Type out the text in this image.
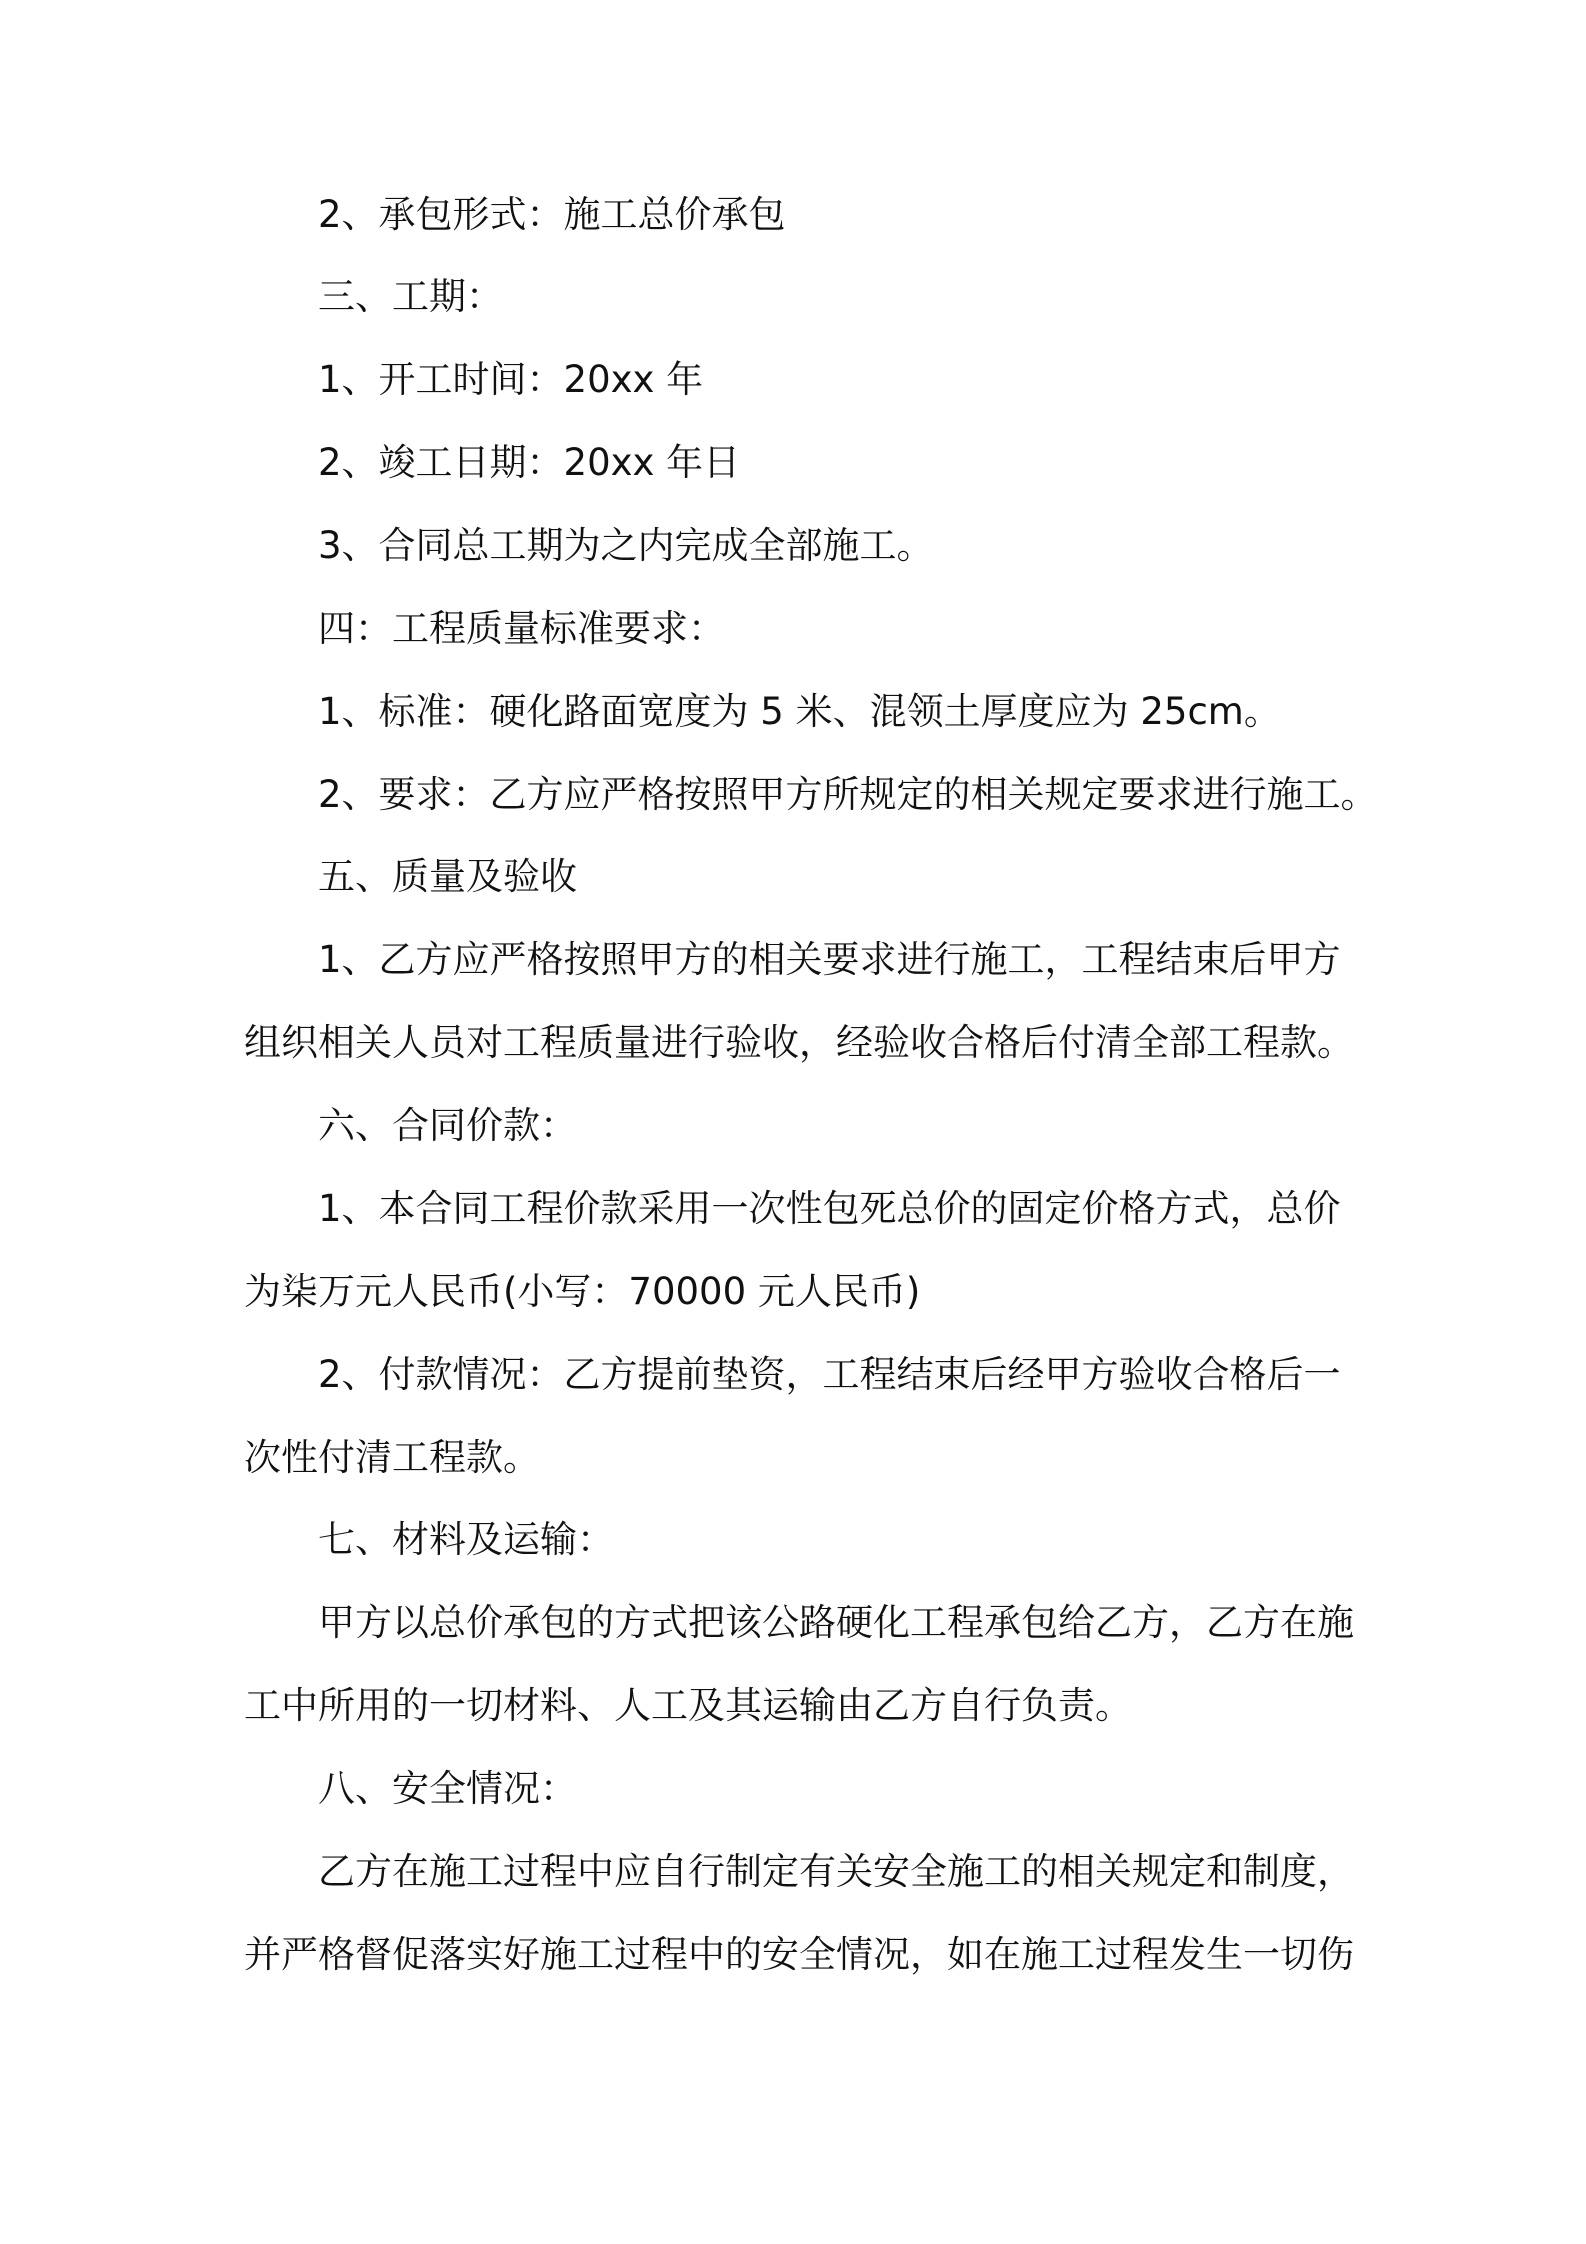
2、承包形式：施工总价承包
三、工期：
1、开工时间：20xx 年
2、竣工日期：20xx 年日
3、合同总工期为之内完成全部施工。
四：工程质量标准要求：
1、标准：硬化路面宽度为 5 米、混领土厚度应为 25cm。
2、要求：乙方应严格按照甲方所规定的相关规定要求进行施工。
五、质量及验收
1、乙方应严格按照甲方的相关要求进行施工，工程结束后甲方
组织相关人员对工程质量进行验收，经验收合格后付清全部工程款。
六、合同价款：
1、本合同工程价款采用一次性包死总价的固定价格方式，总价
为柒万元人民币(小写：70000 元人民币)
2、付款情况：乙方提前垫资，工程结束后经甲方验收合格后一
次性付清工程款。
七、材料及运输：
甲方以总价承包的方式把该公路硬化工程承包给乙方，乙方在施
工中所用的一切材料、人工及其运输由乙方自行负责。
八、安全情况：
乙方在施工过程中应自行制定有关安全施工的相关规定和制度，
并严格督促落实好施工过程中的安全情况，如在施工过程发生一切伤
